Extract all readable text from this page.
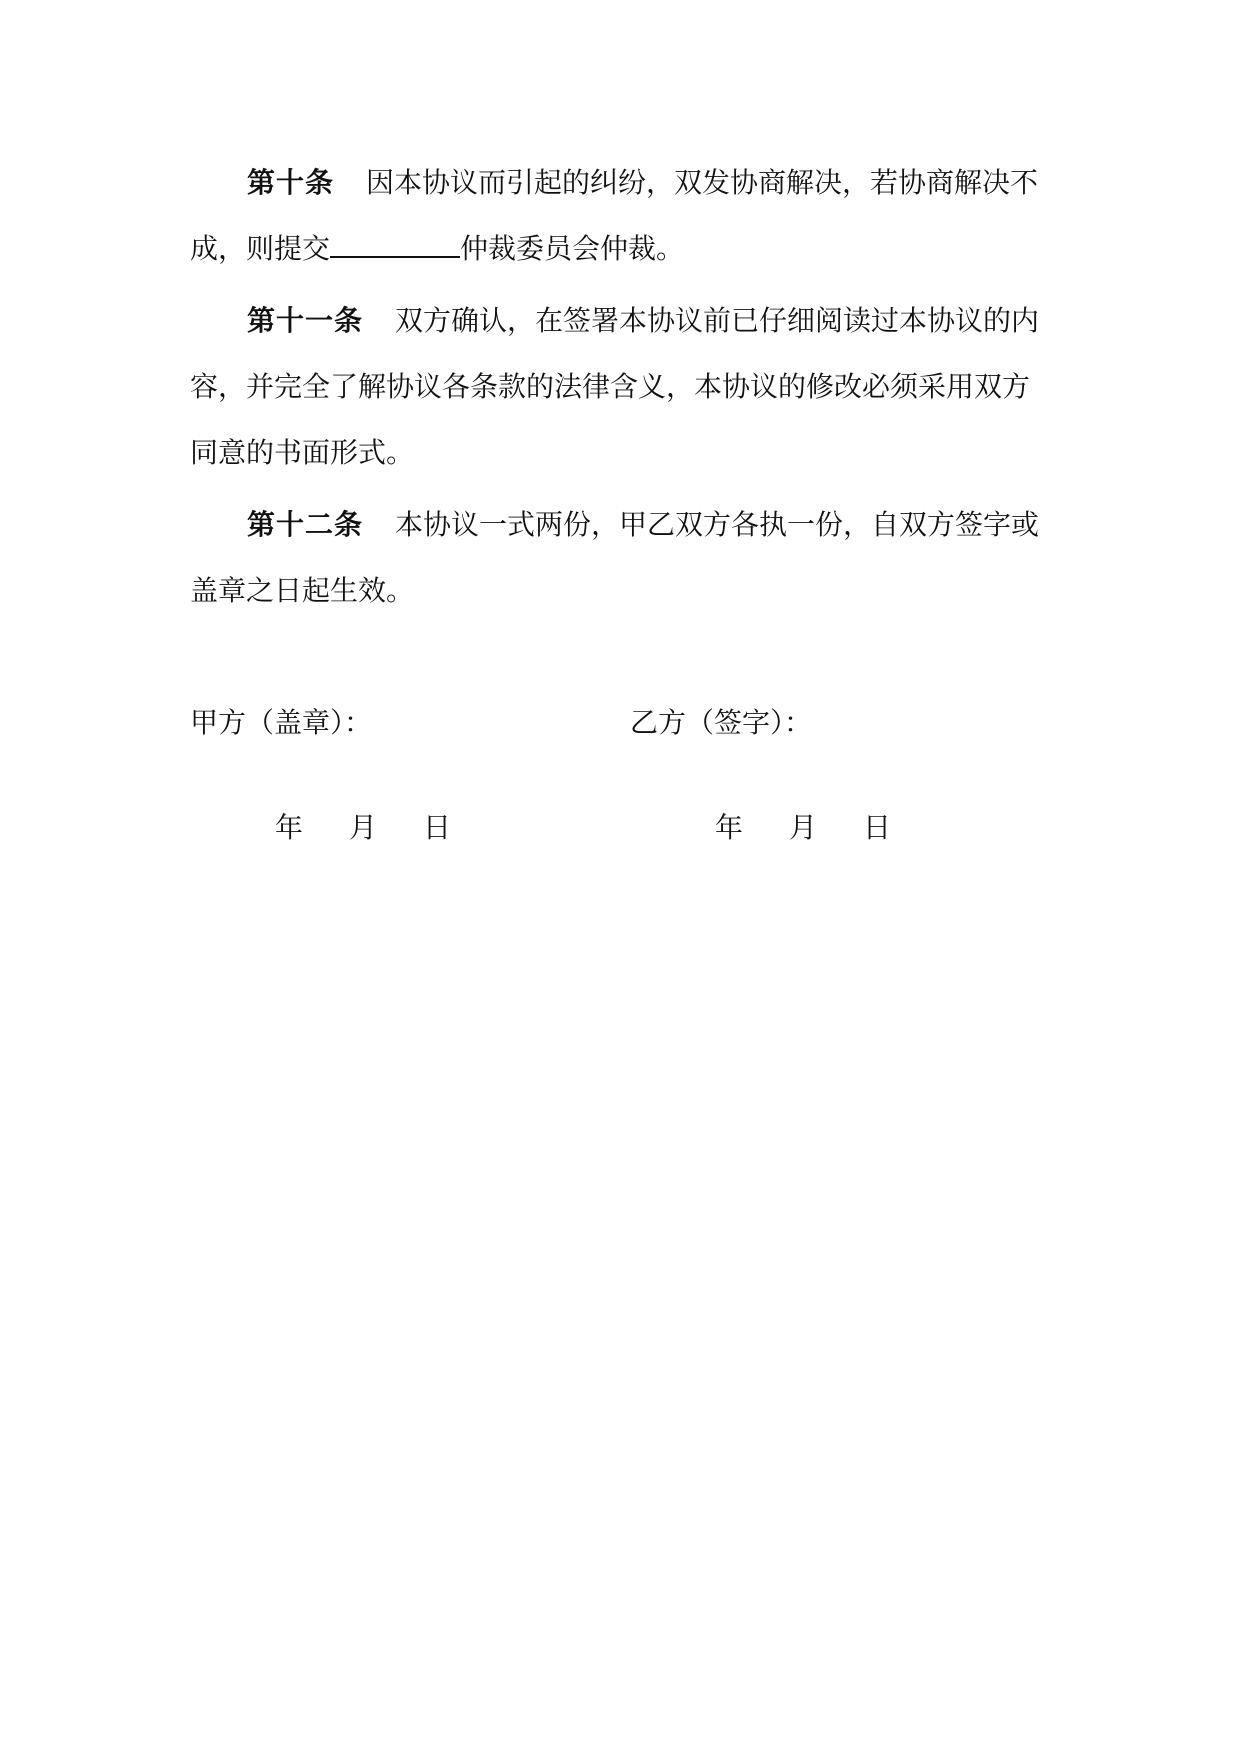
第十条 因本协议而引起的纠纷，双发协商解决，若协商解决不
成，则提交	仲裁委员会仲裁。
第十一条 双方确认，在签署本协议前已仔细阅读过本协议的内
容，并完全了解协议各条款的法律含义，本协议的修改必须采用双方
同意的书面形式。
第十二条 本协议一式两份，甲乙双方各执一份，自双方签字或
盖章之日起生效。
甲方（盖章）：	乙方（签字）：
年 月 日	年 月 日
